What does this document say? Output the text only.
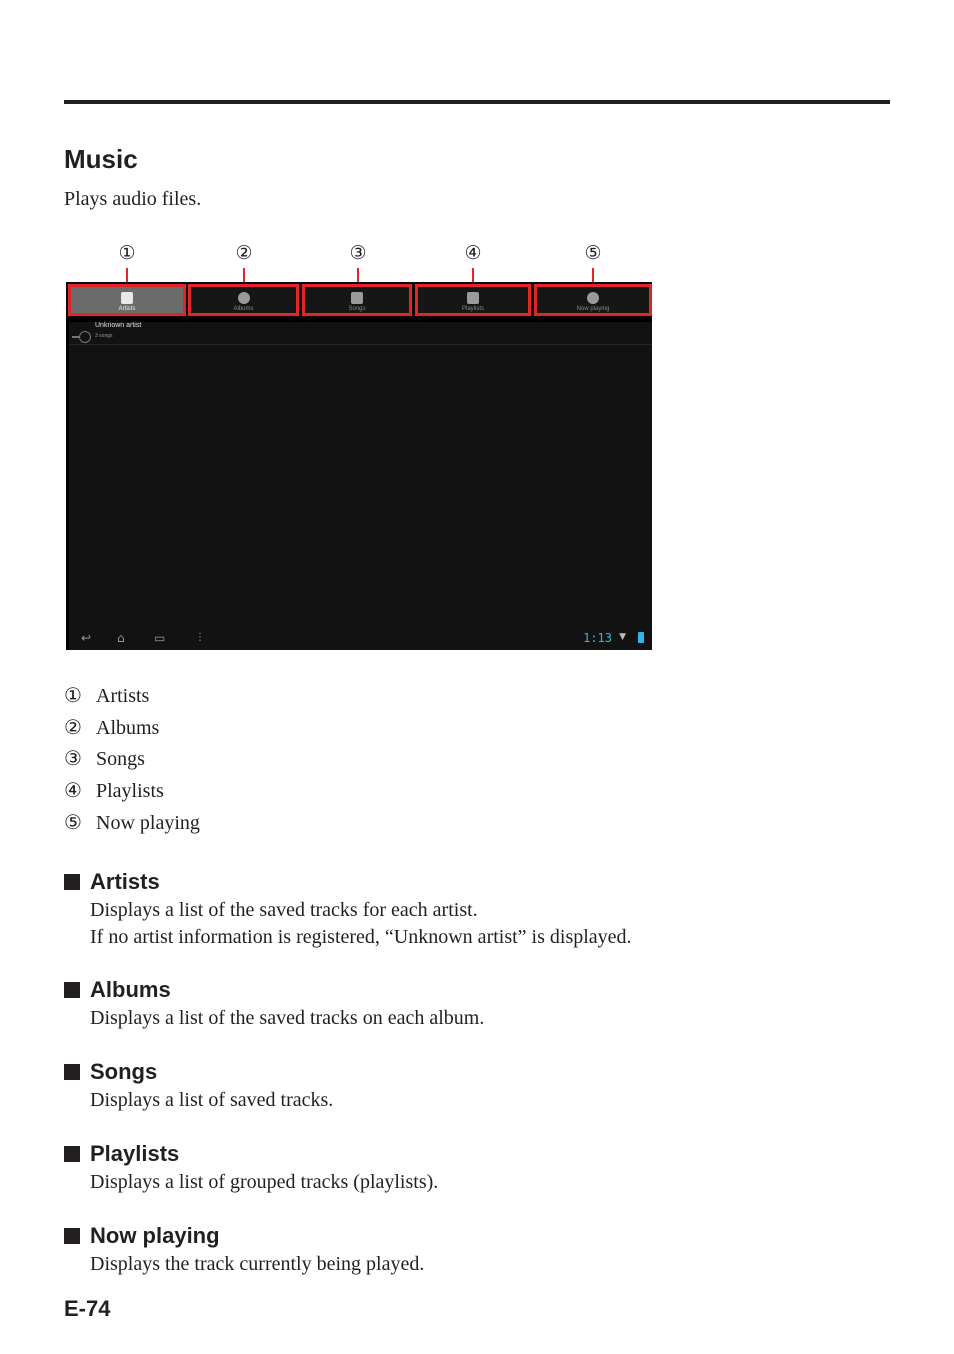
Music

Plays audio files.

①	②	③	④	⑤
Artists	Albums	Songs	Playlists	Now playing
Unknown artist
3 songs
↩ ⌂ ▭	⋮	1:13 ▼
① Artists
② Albums
③ Songs
④ Playlists
⑤ Now playing
Artists
Displays a list of the saved tracks for each artist.
If no artist information is registered, “Unknown artist” is displayed.
Albums
Displays a list of the saved tracks on each album.
Songs
Displays a list of saved tracks.
Playlists
Displays a list of grouped tracks (playlists).
Now playing
Displays the track currently being played.

E-74
